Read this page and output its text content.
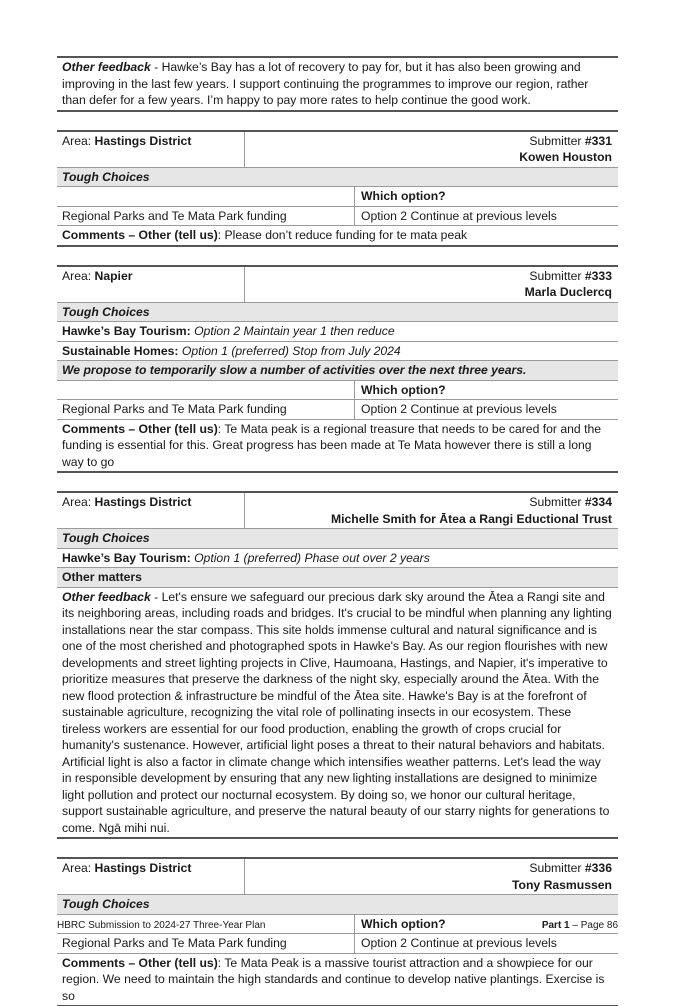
Other feedback - Hawke’s Bay has a lot of recovery to pay for, but it has also been growing and improving in the last few years. I support continuing the programmes to improve our region, rather than defer for a few years. I’m happy to pay more rates to help continue the good work.
Area: Hastings District	Submitter #331
Kowen Houston
Tough Choices
Which option?
Regional Parks and Te Mata Park funding	Option 2 Continue at previous levels
Comments – Other (tell us): Please don’t reduce funding for te mata peak
Area: Napier	Submitter #333
Marla Duclercq
Tough Choices
Hawke’s Bay Tourism: Option 2 Maintain year 1 then reduce
Sustainable Homes: Option 1 (preferred) Stop from July 2024
We propose to temporarily slow a number of activities over the next three years.
Which option?
Regional Parks and Te Mata Park funding	Option 2 Continue at previous levels
Comments – Other (tell us): Te Mata peak is a regional treasure that needs to be cared for and the funding is essential for this. Great progress has been made at Te Mata however there is still a long way to go
Area: Hastings District	Submitter #334
Michelle Smith for Ātea a Rangi Eductional Trust
Tough Choices
Hawke’s Bay Tourism: Option 1 (preferred) Phase out over 2 years
Other matters
Other feedback - Let's ensure we safeguard our precious dark sky around the Ātea a Rangi site and its neighboring areas, including roads and bridges. It's crucial to be mindful when planning any lighting installations near the star compass. This site holds immense cultural and natural significance and is one of the most cherished and photographed spots in Hawke's Bay. As our region flourishes with new developments and street lighting projects in Clive, Haumoana, Hastings, and Napier, it's imperative to prioritize measures that preserve the darkness of the night sky, especially around the Ātea. With the new flood protection & infrastructure be mindful of the Ātea site. Hawke's Bay is at the forefront of sustainable agriculture, recognizing the vital role of pollinating insects in our ecosystem. These tireless workers are essential for our food production, enabling the growth of crops crucial for humanity's sustenance. However, artificial light poses a threat to their natural behaviors and habitats. Artificial light is also a factor in climate change which intensifies weather patterns. Let's lead the way in responsible development by ensuring that any new lighting installations are designed to minimize light pollution and protect our nocturnal ecosystem. By doing so, we honor our cultural heritage, support sustainable agriculture, and preserve the natural beauty of our starry nights for generations to come. Ngā mihi nui.
Area: Hastings District	Submitter #336
Tony Rasmussen
Tough Choices
Which option?
Regional Parks and Te Mata Park funding	Option 2 Continue at previous levels
Comments – Other (tell us): Te Mata Peak is a massive tourist attraction and a showpiece for our region. We need to maintain the high standards and continue to develop native plantings. Exercise is so
HBRC Submission to 2024-27 Three-Year Plan	Part 1 – Page 86
